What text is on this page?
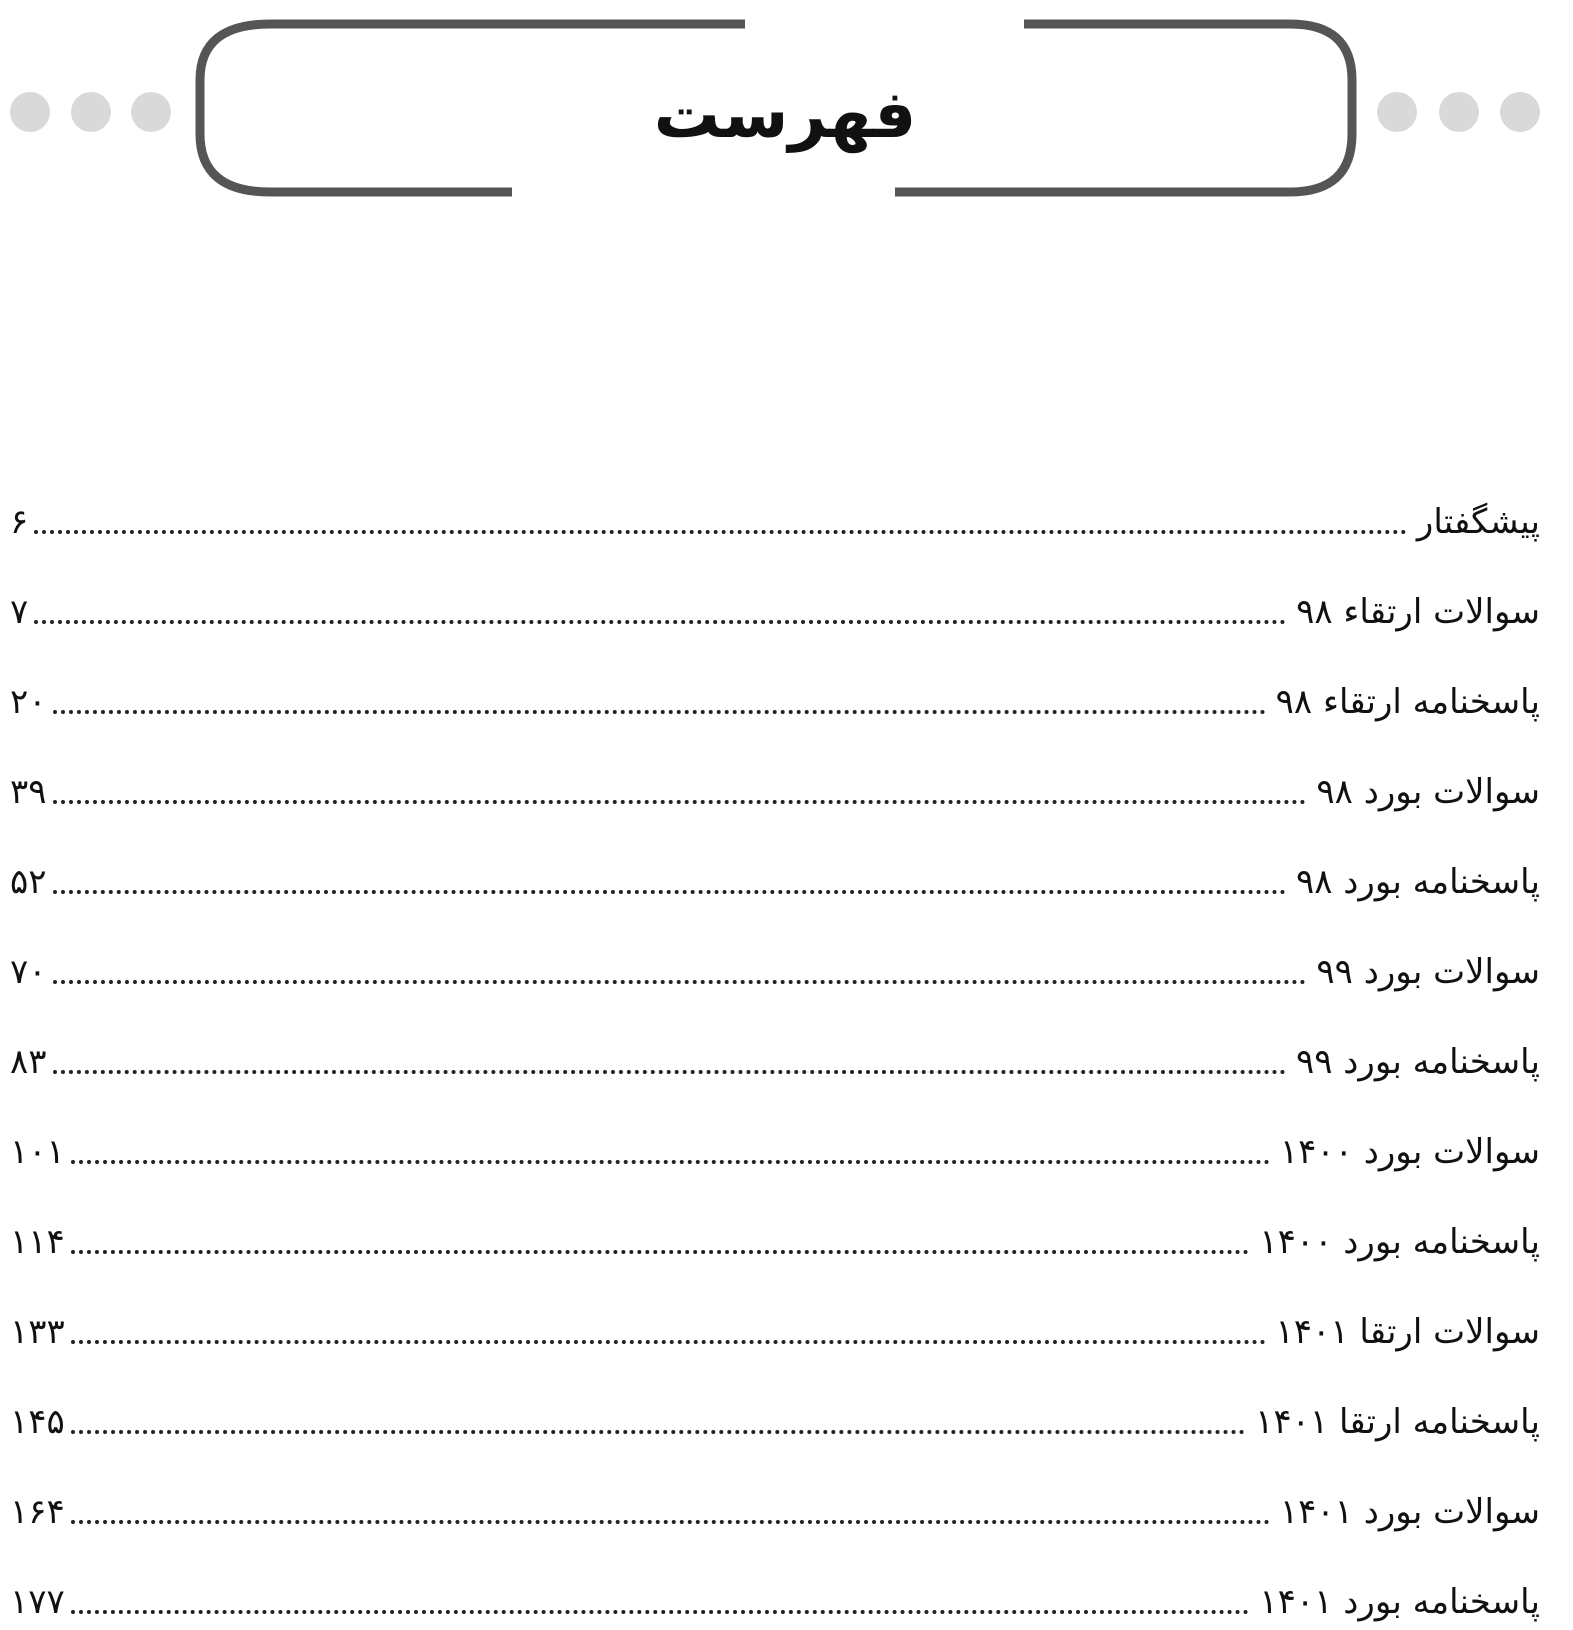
فهرست
پیشگفتار
۶
سوالات ارتقاء ۹۸
۷
پاسخنامه ارتقاء ۹۸
۲۰
سوالات بورد ۹۸
۳۹
پاسخنامه بورد ۹۸
۵۲
سوالات بورد ۹۹
۷۰
پاسخنامه بورد ۹۹
۸۳
سوالات بورد ۱۴۰۰
۱۰۱
پاسخنامه بورد ۱۴۰۰
۱۱۴
سوالات ارتقا ۱۴۰۱
۱۳۳
پاسخنامه ارتقا ۱۴۰۱
۱۴۵
سوالات بورد ۱۴۰۱
۱۶۴
پاسخنامه بورد ۱۴۰۱
۱۷۷
